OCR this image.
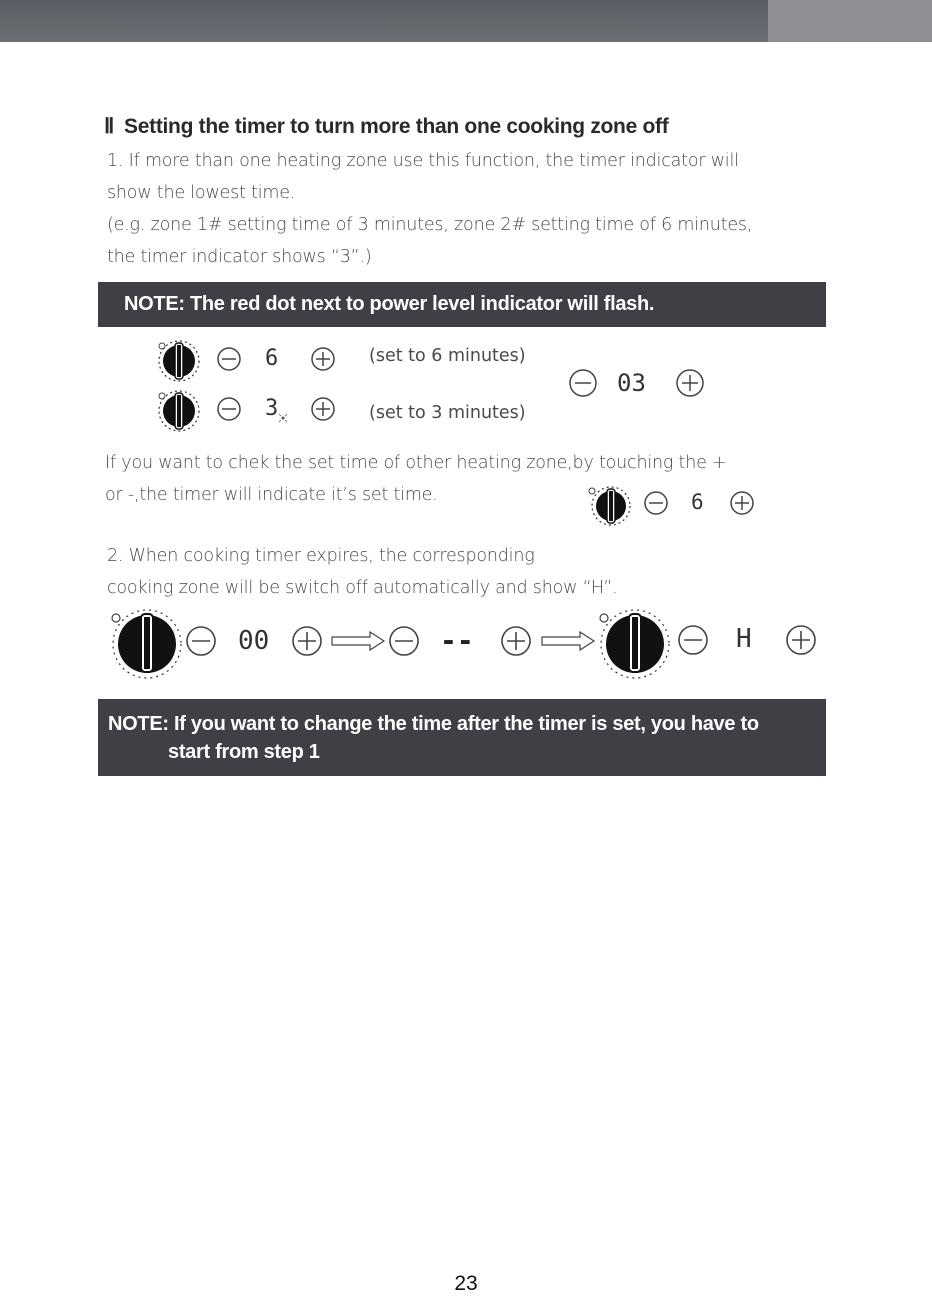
Ⅱ Setting the timer to turn more than one cooking zone off
1. If more than one heating zone use this function, the timer indicator will
show the lowest time.
(e.g. zone 1# setting time of 3 minutes, zone 2# setting time of 6 minutes,
the timer indicator shows “3”.)
NOTE: The red dot next to power level indicator will flash.
6	(set to 6 minutes)
3	(set to 3 minutes)
03
If you want to chek the set time of other heating zone,by touching the +
or -,the timer will indicate it’s set time.	6
2. When cooking timer expires, the corresponding
cooking zone will be switch off automatically and show “H”.
00	--	H
NOTE: If you want to change the time after the timer is set, you have to
start from step 1
23
